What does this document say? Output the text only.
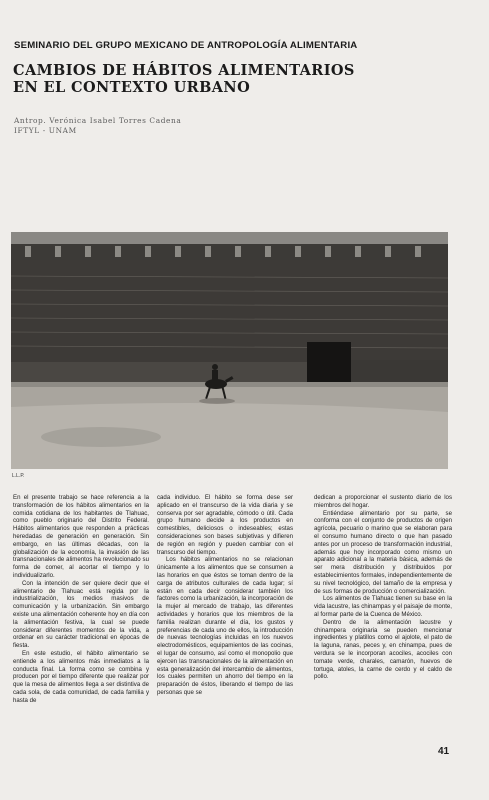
SEMINARIO DEL GRUPO MEXICANO DE ANTROPOLOGÍA ALIMENTARIA
CAMBIOS DE HÁBITOS ALIMENTARIOS
EN EL CONTEXTO URBANO
Antrop. Verónica Isabel Torres Cadena
IFTYL - UNAM
L.L.P.

En el presente trabajo se hace referencia a la transformación de los hábitos alimentarios en la comida cotidiana de los habitantes de Tlahuac, como pueblo originario del Distrito Federal. Hábitos alimentarios que responden a prácticas heredadas de generación en generación. Sin embargo, en las últimas décadas, con la globalización de la economía, la invasión de las transnacionales de alimentos ha revolucionado su forma de comer, al acortar el tiempo y lo individualizarlo.

Con la intención de ser quiere decir que el alimentario de Tlahuac está regida por la industrialización, los medios masivos de comunicación y la urbanización. Sin embargo existe una alimentación coherente hoy en día con la alimentación festiva, la cual se puede considerar diferentes momentos de la vida, a ordenar en su carácter tradicional en épocas de fiesta.

En este estudio, el hábito alimentario se entiende a los alimentos más inmediatos a la conducta final. La forma como se combina y producen por el tiempo diferente que realizar por que la mesa de alimentos llega a ser distintiva de cada sola, de cada comunidad, de cada familia y hasta de

cada individuo. El hábito se forma dese ser aplicado en el transcurso de la vida diaria y se conserva por ser agradable, cómodo o útil. Cada grupo humano decide a los productos en comestibles, deliciosos o indeseables; estas consideraciones son bases subjetivas y difieren de región en región y pueden cambiar con el transcurso del tiempo.

Los hábitos alimentarios no se relacionan únicamente a los alimentos que se consumen a las horarios en que éstos se toman dentro de la carga de atributos culturales de cada lugar; sí están en cada decir considerar también los factores como la urbanización, la incorporación de la mujer al mercado de trabajo, las diferentes actividades y horarios que los miembros de la familia realizan durante el día, los gustos y preferencias de cada uno de ellos, la introducción de nuevas tecnologías incluidas en los nuevos electrodomésticos, equipamientos de las cocinas, el lugar de consumo, así como el monopolio que ejercen las transnacionales de la alimentación en esta generalización del intercambio de alimentos, los cuales permiten un ahorro del tiempo en la preparación de éstos, liberando el tiempo de las personas que se

dedican a proporcionar el sustento diario de los miembros del hogar.

Entiéndase alimentario por su parte, se conforma con el conjunto de productos de origen agrícola, pecuario o marino que se elaboran para el consumo humano directo o que han pasado antes por un proceso de transformación industrial, además que hoy incorporado como mismo un aparato adicional a la materia básica, además de ser mera distribución y distribuidos por establecimientos formales, independientemente de su nivel tecnológico, del tamaño de la empresa y de sus formas de producción o comercialización.

Los alimentos de Tlahuac tienen su base en la vida lacustre, las chinampas y el paisaje de monte, al formar parte de la Cuenca de México.

Dentro de la alimentación lacustre y chinampera originaria se pueden mencionar ingredientes y platillos como el ajolote, el pato de la laguna, ranas, peces y, en chinampa, pues de verdura se le incorporan acociles, acociles con tomate verde, charales, camarón, huevos de tortuga, atoles, la carne de cerdo y el caldo de pollo.

41
